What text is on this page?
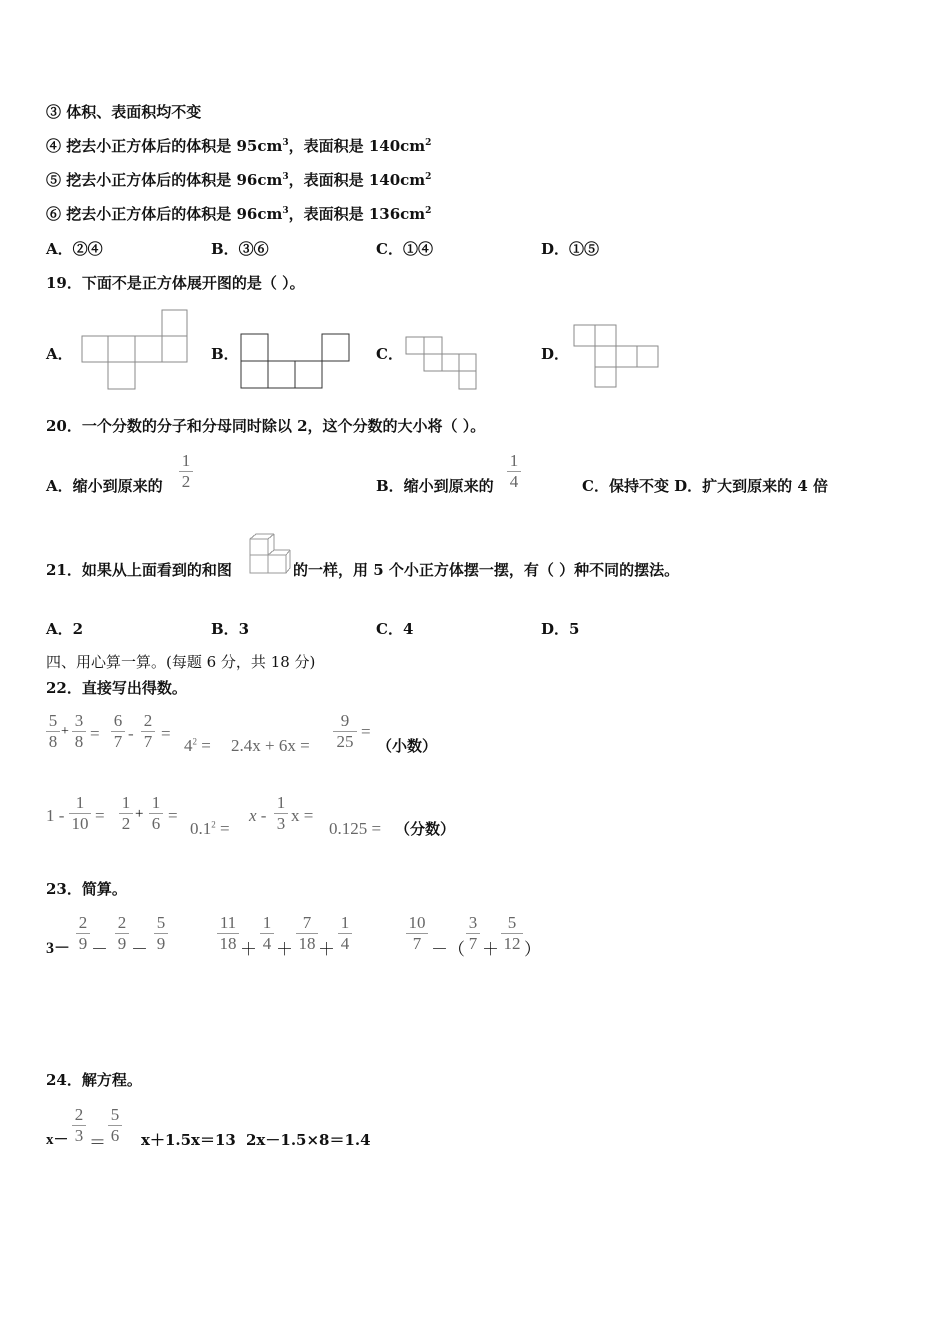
③ 体积、表面积均不变
④ 挖去小正方体后的体积是 $95cm^3$，表面积是 $140cm^2$
⑤ 挖去小正方体后的体积是 $96cm^3$，表面积是 $140cm^2$
⑥ 挖去小正方体后的体积是 $96cm^3$，表面积是 $136cm^2$
A．②④	B．③⑥	C．①④	D．①⑤
19．下面不是正方体展开图的是（ ）。
A．	B．	C．	D．
20．一个分数的分子和分母同时除以 2，这个分数的大小将（ ）。
A．缩小到原来的
1
2	B．缩小到原来的
1
4	C．保持不变 D．扩大到原来的 4 倍
21．如果从上面看到的和图	的一样，用 5 个小正方体摆一摆，有（ ）种不同的摆法。
A．2	B．3	C．4	D．5
四、用心算一算。(每题 6 分，共 18 分)
22．直接写出得数。
5
8
+
3
8 =
6
7 -
2
7 =
$4^2 = 2.4x + 6x$ =
9
25
=
（小数）
1 -
1
10 =
1
2 +
1
6 =
$0.1^2$ =
x -
1
3 x =
0.125 = （分数）
23．简算。
3－
2
9 －
2
9 －
5
9
11
18 ＋
1
4 ＋
7
18 ＋
1
4
10
7 －（
3
7 ＋
5
12 ）
24．解方程。
x－
2
3 ＝
5
6 x＋1.5x＝13 2x－1.5×8＝1.4
